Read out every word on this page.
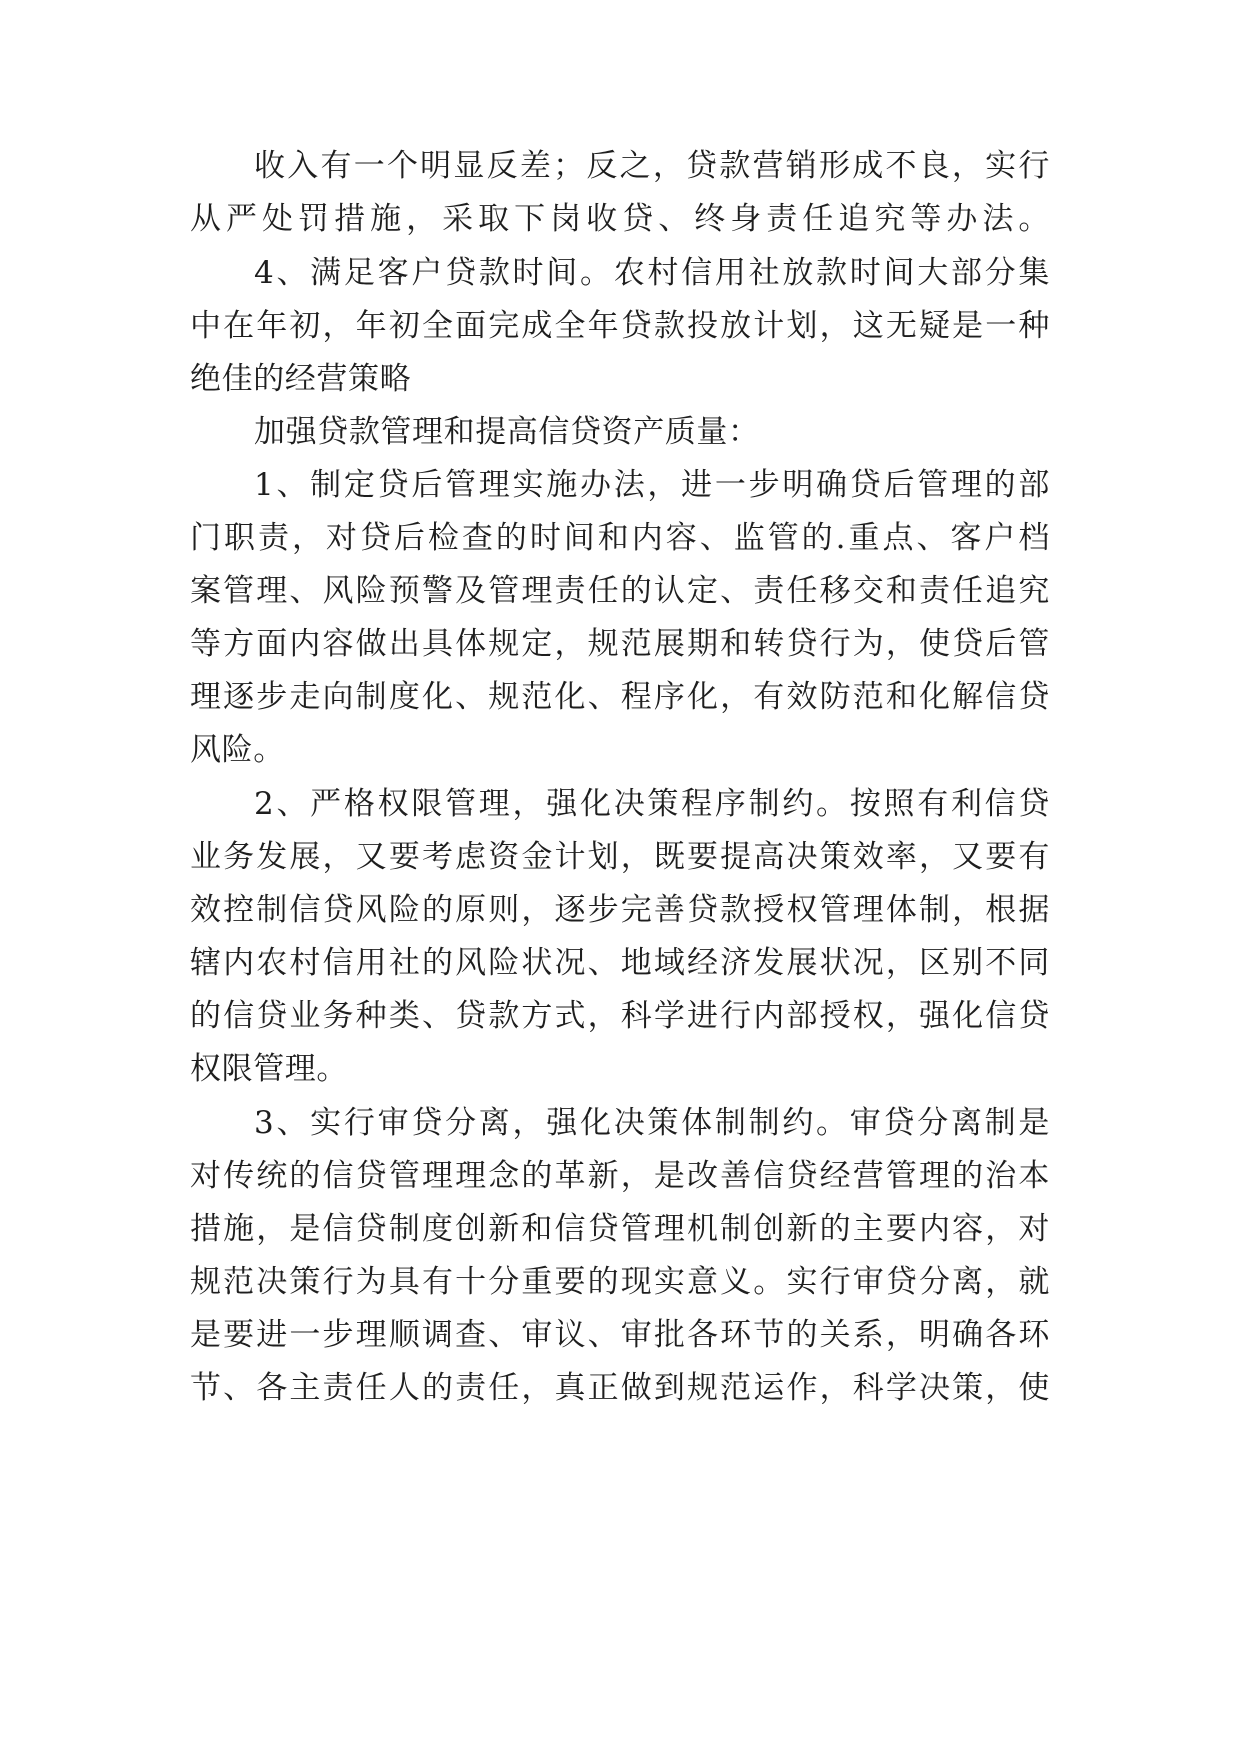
收入有一个明显反差；反之，贷款营销形成不良，实行
从严处罚措施，采取下岗收贷、终身责任追究等办法。
4、满足客户贷款时间。农村信用社放款时间大部分集
中在年初，年初全面完成全年贷款投放计划，这无疑是一种
绝佳的经营策略
加强贷款管理和提高信贷资产质量：
1、制定贷后管理实施办法，进一步明确贷后管理的部
门职责，对贷后检查的时间和内容、监管的.重点、客户档
案管理、风险预警及管理责任的认定、责任移交和责任追究
等方面内容做出具体规定，规范展期和转贷行为，使贷后管
理逐步走向制度化、规范化、程序化，有效防范和化解信贷
风险。
2、严格权限管理，强化决策程序制约。按照有利信贷
业务发展，又要考虑资金计划，既要提高决策效率，又要有
效控制信贷风险的原则，逐步完善贷款授权管理体制，根据
辖内农村信用社的风险状况、地域经济发展状况，区别不同
的信贷业务种类、贷款方式，科学进行内部授权，强化信贷
权限管理。
3、实行审贷分离，强化决策体制制约。审贷分离制是
对传统的信贷管理理念的革新，是改善信贷经营管理的治本
措施，是信贷制度创新和信贷管理机制创新的主要内容，对
规范决策行为具有十分重要的现实意义。实行审贷分离，就
是要进一步理顺调查、审议、审批各环节的关系，明确各环
节、各主责任人的责任，真正做到规范运作，科学决策，使
